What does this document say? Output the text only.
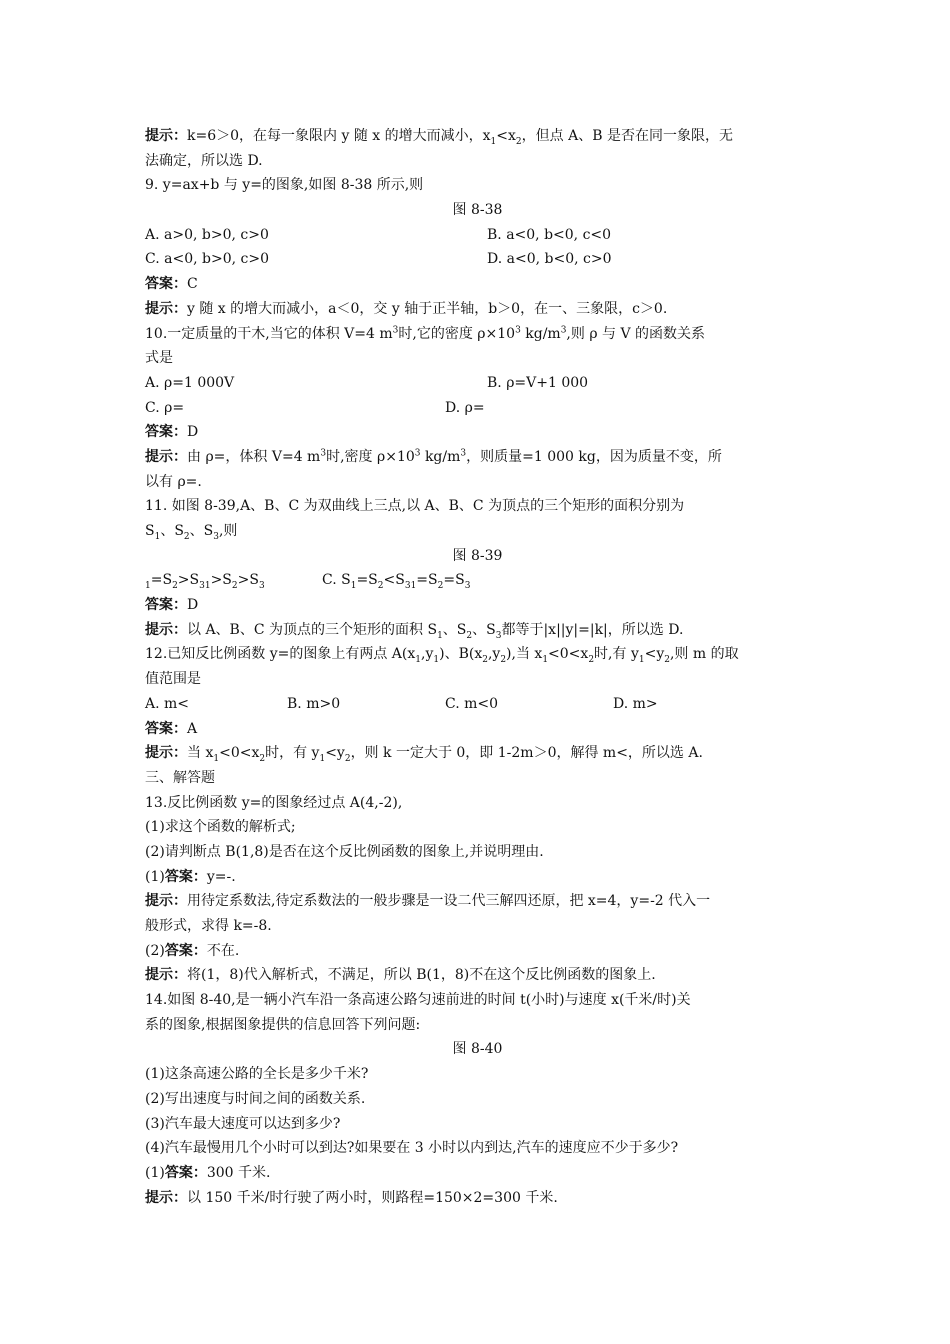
提示：k=6＞0，在每一象限内 y 随 x 的增大而减小，$x_1<x_2$，但点 A、B 是否在同一象限，无
法确定，所以选 D.
9. y=ax+b 与 y=的图象,如图 8-38 所示,则
图 8-38
A. a>0, b>0, c>0	B. a<0, b<0, c<0
C. a<0, b>0, c>0	D. a<0, b<0, c>0
答案：C
提示：y 随 x 的增大而减小，a＜0，交 y 轴于正半轴，b＞0，在一、三象限，c＞0.
10.一定质量的干木,当它的体积 V=4 $m^3$时,它的密度 $\rho\times 10^3$ $kg/m^3$,则 ρ 与 V 的函数关系
式是
A. ρ=1 000V	B. ρ=V+1 000
C. ρ=	D. ρ=
答案：D
提示：由 ρ=，体积 V=4 $m^3$时,密度 $\rho\times 10^3$ $kg/m^3$，则质量=1 000 kg，因为质量不变，所
以有 ρ=.
11. 如图 8-39,A、B、C 为双曲线上三点,以 A、B、C 为顶点的三个矩形的面积分别为
$S_1$、$S_2$、$S_3$,则
图 8-39
$_1=S_2>S_{31}>S_2>S_3$	C. $S_1=S_2<S_{31}=S_2=S_3$
答案：D
提示：以 A、B、C 为顶点的三个矩形的面积 $S_1$、$S_2$、$S_3$都等于|x||y|=|k|，所以选 D.
12.已知反比例函数 y=的图象上有两点 $A(x_1,y_1)$、$B(x_2,y_2)$,当 $x_1<0<x_2$时,有 $y_1<y_2$,则 m 的取
值范围是
A. m<	B. m>0	C. m<0	D. m>
答案：A
提示：当 $x_1<0<x_2$时，有 $y_1<y_2$，则 k 一定大于 0，即 1-2m＞0，解得 m<，所以选 A.
三、解答题
13.反比例函数 y=的图象经过点 A(4,-2),
(1)求这个函数的解析式;
(2)请判断点 B(1,8)是否在这个反比例函数的图象上,并说明理由.
(1)答案：y=-.
提示：用待定系数法,待定系数法的一般步骤是一设二代三解四还原，把 x=4，y=-2 代入一
般形式，求得 k=-8.
(2)答案：不在.
提示：将(1，8)代入解析式，不满足，所以 B(1，8)不在这个反比例函数的图象上.
14.如图 8-40,是一辆小汽车沿一条高速公路匀速前进的时间 t(小时)与速度 x(千米/时)关
系的图象,根据图象提供的信息回答下列问题:
图 8-40
(1)这条高速公路的全长是多少千米?
(2)写出速度与时间之间的函数关系.
(3)汽车最大速度可以达到多少?
(4)汽车最慢用几个小时可以到达?如果要在 3 小时以内到达,汽车的速度应不少于多少?
(1)答案：300 千米.
提示：以 150 千米/时行驶了两小时，则路程=150×2=300 千米.
